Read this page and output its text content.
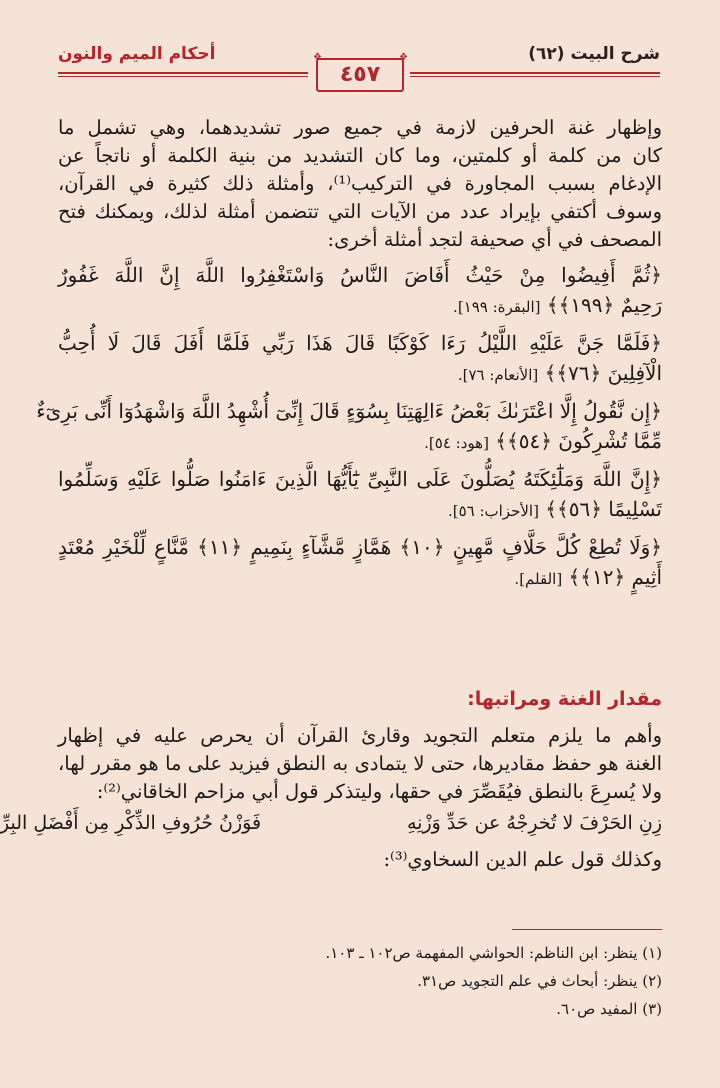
شرح البيت (٦٢)
أحكام الميم والنون	❖	❖
٤٥٧
وإظهار غنة الحرفين لازمة في جميع صور تشديدهما، وهي تشمل ما
كان من كلمة أو كلمتين، وما كان التشديد من بنية الكلمة أو ناتجاً عن
الإدغام بسبب المجاورة في التركيب⁽¹⁾، وأمثلة ذلك كثيرة في القرآن،
وسوف أكتفي بإيراد عدد من الآيات التي تتضمن أمثلة لذلك، ويمكنك فتح
المصحف في أي صحيفة لتجد أمثلة أخرى:
﴿ثُمَّ أَفِيضُوا مِنْ حَيْثُ أَفَاضَ النَّاسُ وَاسْتَغْفِرُوا اللَّهَ إِنَّ اللَّهَ غَفُورٌ
رَحِيمٌ ﴿١٩٩﴾﴾ [البقرة: ١٩٩].
﴿فَلَمَّا جَنَّ عَلَيْهِ اللَّيْلُ رَءَا كَوْكَبًا قَالَ هَذَا رَبِّي فَلَمَّا أَفَلَ قَالَ لَا أُحِبُّ
الْآفِلِينَ ﴿٧٦﴾﴾ [الأنعام: ٧٦].
﴿إِن نَّقُولُ إِلَّا اعْتَرَىٰكَ بَعْضُ ءَالِهَتِنَا بِسُوٓءٍ قَالَ إِنِّىٓ أُشْهِدُ اللَّهَ وَاشْهَدُوٓا أَنِّى بَرِىٓءٌ
مِّمَّا تُشْرِكُونَ ﴿٥٤﴾﴾ [هود: ٥٤].
﴿إِنَّ اللَّهَ وَمَلَٰٓئِكَتَهُ يُصَلُّونَ عَلَى النَّبِىِّ يَٰٓأَيُّهَا الَّذِينَ ءَامَنُوا صَلُّوا عَلَيْهِ وَسَلِّمُوا
تَسْلِيمًا ﴿٥٦﴾﴾ [الأحزاب: ٥٦].
﴿وَلَا تُطِعْ كُلَّ حَلَّافٍ مَّهِينٍ ﴿١٠﴾ هَمَّازٍ مَّشَّآءٍ بِنَمِيمٍ ﴿١١﴾ مَّنَّاعٍ لِّلْخَيْرِ مُعْتَدٍ
أَثِيمٍ ﴿١٢﴾﴾ [القلم].
مقدار الغنة ومراتبها:
وأهم ما يلزم متعلم التجويد وقارئ القرآن أن يحرص عليه في إظهار
الغنة هو حفظ مقاديرها، حتى لا يتمادى به النطق فيزيد على ما هو مقرر لها،
ولا يُسرِعَ بالنطق فيُقَصِّرَ في حقها، وليتذكر قول أبي مزاحم الخاقاني⁽²⁾:
زِنِ الحَرْفَ لا تُخرِجْهُ عن حَدِّ وَزْنِهِ
فَوَزْنُ حُرُوفِ الذِّكْرِ مِن أَفْضَلِ البِرِّ
وكذلك قول علم الدين السخاوي⁽³⁾:
(١) ينظر: ابن الناظم: الحواشي المفهمة ص١٠٢ ـ ١٠٣.
(٢) ينظر: أبحاث في علم التجويد ص٣١.
(٣) المفيد ص٦٠.
